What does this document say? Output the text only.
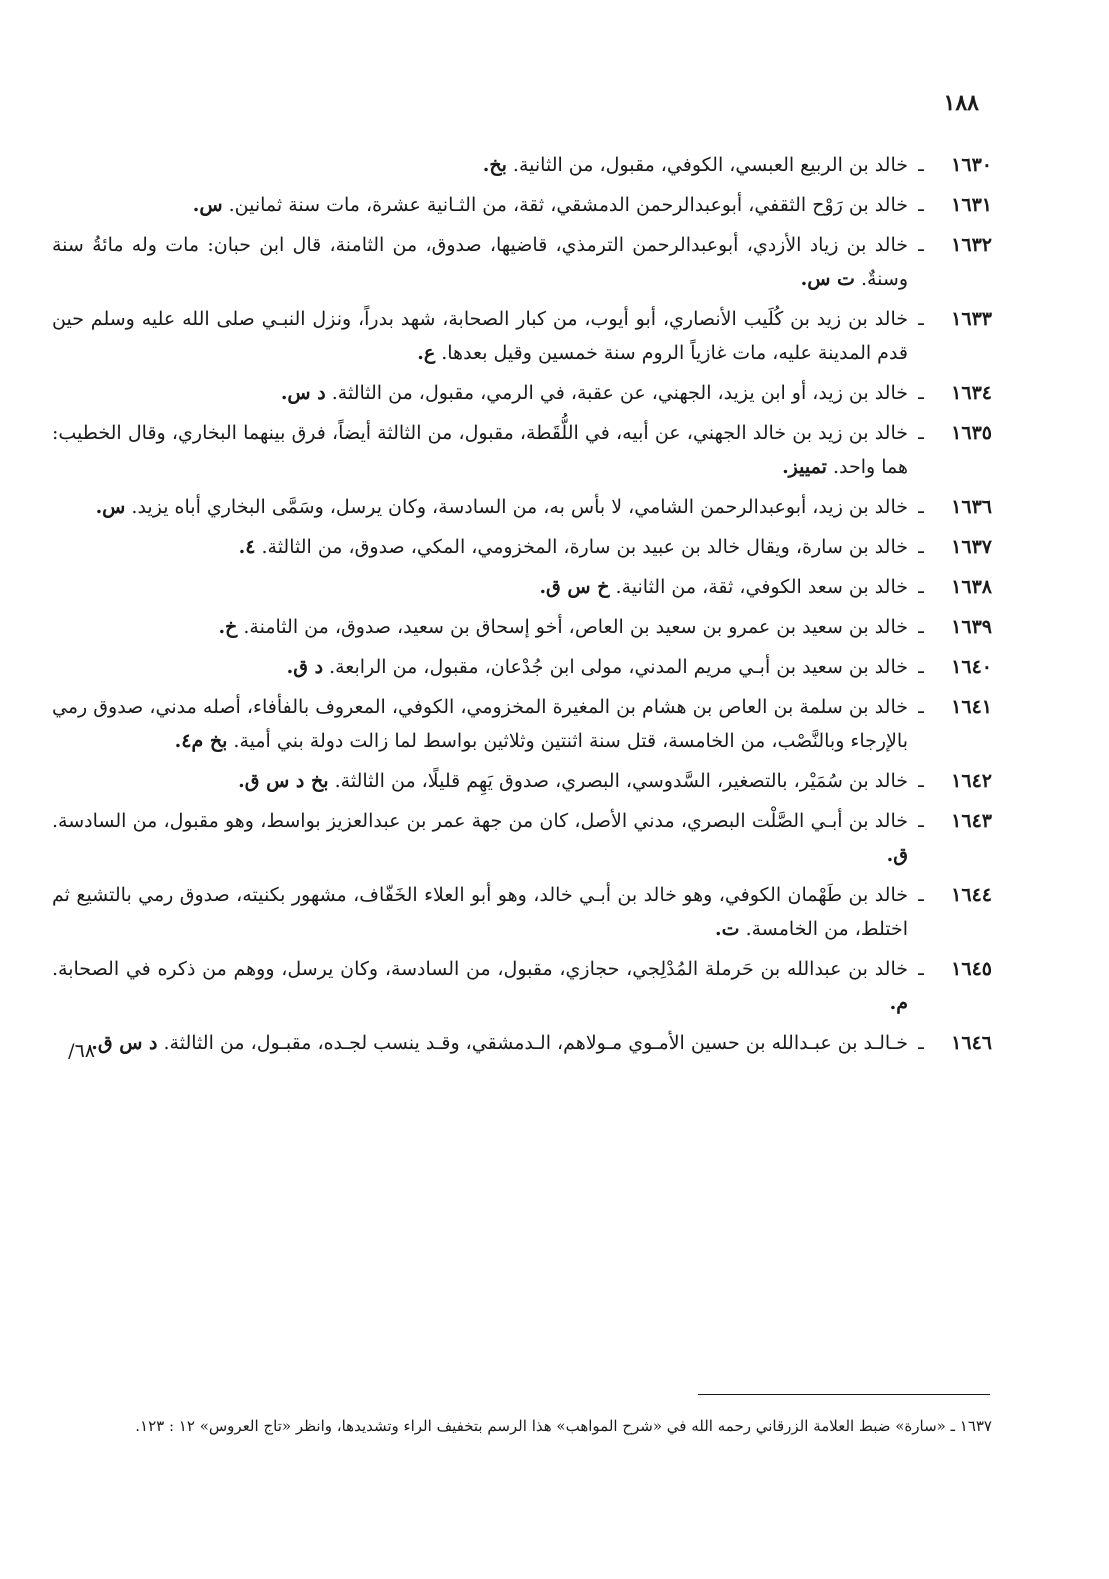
١٨٨
١٦٣٠
ـ
خالد بن الربيع العبسي، الكوفي، مقبول، من الثانية. بخ.
١٦٣١
ـ
خالد بن رَوْح الثقفي، أبوعبدالرحمن الدمشقي، ثقة، من الثـانية عشرة، مات سنة ثمانين. س.
١٦٣٢
ـ
خالد بن زياد الأزدي، أبوعبدالرحمن الترمذي، قاضيها، صدوق، من الثامنة، قال ابن حبان: مات وله مائةُ سنة وسنةٌ. ت س.
١٦٣٣
ـ
خالد بن زيد بن كُلَيب الأنصاري، أبو أيوب، من كبار الصحابة، شهد بدراً، ونزل النبـي صلى الله عليه وسلم حين قدم المدينة عليه، مات غازياً الروم سنة خمسين وقيل بعدها. ع.
١٦٣٤
ـ
خالد بن زيد، أو ابن يزيد، الجهني، عن عقبة، في الرمي، مقبول، من الثالثة. د س.
١٦٣٥
ـ
خالد بن زيد بن خالد الجهني، عن أبيه، في اللُّقَطة، مقبول، من الثالثة أيضاً، فرق بينهما البخاري، وقال الخطيب: هما واحد. تمييز.
١٦٣٦
ـ
خالد بن زيد، أبوعبدالرحمن الشامي، لا بأس به، من السادسة، وكان يرسل، وسَمَّى البخاري أباه يزيد. س.
١٦٣٧
ـ
خالد بن سارة، ويقال خالد بن عبيد بن سارة، المخزومي، المكي، صدوق، من الثالثة. ٤.
١٦٣٨
ـ
خالد بن سعد الكوفي، ثقة، من الثانية. خ س ق.
١٦٣٩
ـ
خالد بن سعيد بن عمرو بن سعيد بن العاص، أخو إسحاق بن سعيد، صدوق، من الثامنة. خ.
١٦٤٠
ـ
خالد بن سعيد بن أبـي مريم المدني، مولى ابن جُدْعان، مقبول، من الرابعة. د ق.
١٦٤١
ـ
خالد بن سلمة بن العاص بن هشام بن المغيرة المخزومي، الكوفي، المعروف بالفأفاء، أصله مدني، صدوق رمي بالإرجاء وبالنَّصْب، من الخامسة، قتل سنة اثنتين وثلاثين بواسط لما زالت دولة بني أمية. بخ م٤.
١٦٤٢
ـ
خالد بن سُمَيْر، بالتصغير، السَّدوسي، البصري، صدوق يَهِم قليلًا، من الثالثة. بخ د س ق.
١٦٤٣
ـ
خالد بن أبـي الصَّلْت البصري، مدني الأصل، كان من جهة عمر بن عبدالعزيز بواسط، وهو مقبول، من السادسة. ق.
١٦٤٤
ـ
خالد بن طَهْمان الكوفي، وهو خالد بن أبـي خالد، وهو أبو العلاء الخَفّاف، مشهور بكنيته، صدوق رمي بالتشيع ثم اختلط، من الخامسة. ت.
١٦٤٥
ـ
خالد بن عبدالله بن حَرملة المُدْلِجي، حجازي، مقبول، من السادسة، وكان يرسل، ووهم من ذكره في الصحابة. م.
١٦٤٦
ـ
خـالـد بن عبـدالله بن حسين الأمـوي مـولاهم، الـدمشقي، وقـد ينسب لجـده، مقبـول، من الثالثة. د س ق.
٦٨/
١٦٣٧ ـ «سارة» ضبط العلامة الزرقاني رحمه الله في «شرح المواهب» هذا الرسم بتخفيف الراء وتشديدها، وانظر «تاج العروس» ١٢ : ١٢٣.
